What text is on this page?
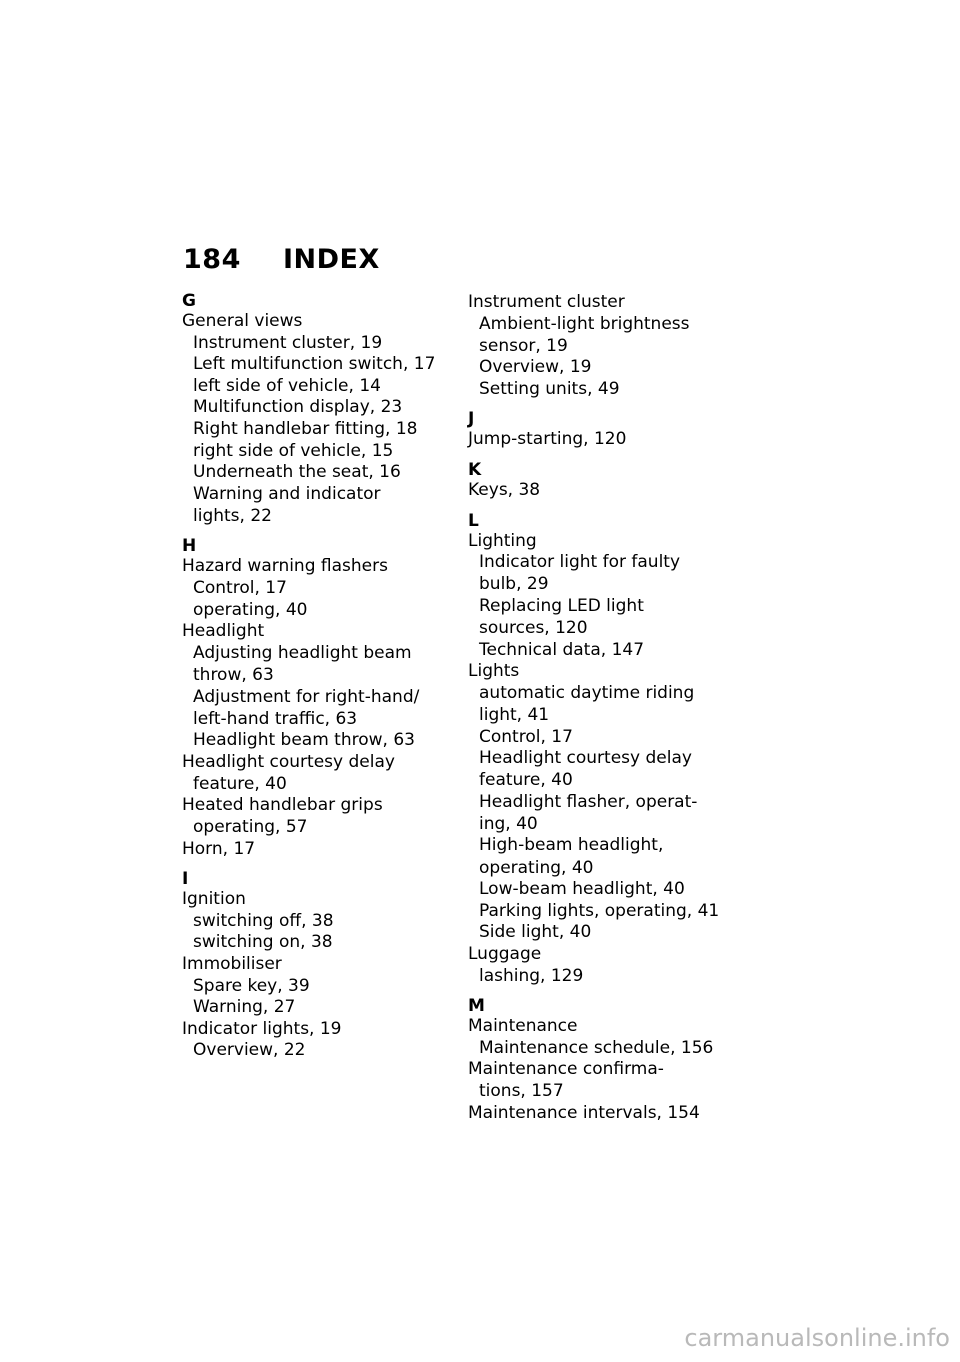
184 INDEX
G
General views
Instrument cluster, 19
Left multifunction switch, 17
left side of vehicle, 14
Multifunction display, 23
Right handlebar fitting, 18
right side of vehicle, 15
Underneath the seat, 16
Warning and indicator
lights, 22
H
Hazard warning flashers
Control, 17
operating, 40
Headlight
Adjusting headlight beam
throw, 63
Adjustment for right-hand/
left-hand traffic, 63
Headlight beam throw, 63
Headlight courtesy delay
feature, 40
Heated handlebar grips
operating, 57
Horn, 17
I
Ignition
switching off, 38
switching on, 38
Immobiliser
Spare key, 39
Warning, 27
Indicator lights, 19
Overview, 22
Instrument cluster
Ambient-light brightness
sensor, 19
Overview, 19
Setting units, 49
J
Jump-starting, 120
K
Keys, 38
L
Lighting
Indicator light for faulty
bulb, 29
Replacing LED light
sources, 120
Technical data, 147
Lights
automatic daytime riding
light, 41
Control, 17
Headlight courtesy delay
feature, 40
Headlight flasher, operat-
ing, 40
High-beam headlight,
operating, 40
Low-beam headlight, 40
Parking lights, operating, 41
Side light, 40
Luggage
lashing, 129
M
Maintenance
Maintenance schedule, 156
Maintenance confirma-
tions, 157
Maintenance intervals, 154
carmanualsonline.info
